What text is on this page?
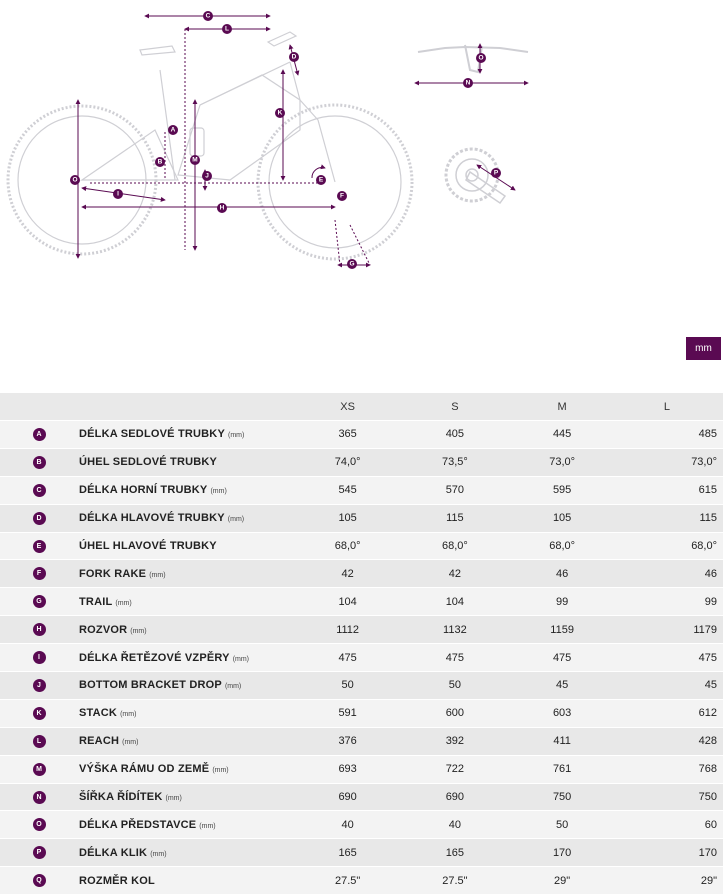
A
B
C
D
E
F
G
H
I
J
K
L
M
N
O
O
P
mm
		XS	S	M	L
A	DÉLKA SEDLOVÉ TRUBKY (mm)	365	405	445	485
B	ÚHEL SEDLOVÉ TRUBKY	74,0°	73,5°	73,0°	73,0°
C	DÉLKA HORNÍ TRUBKY (mm)	545	570	595	615
D	DÉLKA HLAVOVÉ TRUBKY (mm)	105	115	105	115
E	ÚHEL HLAVOVÉ TRUBKY	68,0°	68,0°	68,0°	68,0°
F	FORK RAKE (mm)	42	42	46	46
G	TRAIL (mm)	104	104	99	99
H	ROZVOR (mm)	1112	1132	1159	1179
I	DÉLKA ŘETĚZOVÉ VZPĚRY (mm)	475	475	475	475
J	BOTTOM BRACKET DROP (mm)	50	50	45	45
K	STACK (mm)	591	600	603	612
L	REACH (mm)	376	392	411	428
M	VÝŠKA RÁMU OD ZEMĚ (mm)	693	722	761	768
N	ŠÍŘKA ŘÍDÍTEK (mm)	690	690	750	750
O	DÉLKA PŘEDSTAVCE (mm)	40	40	50	60
P	DÉLKA KLIK (mm)	165	165	170	170
Q	ROZMĚR KOL	27.5"	27.5"	29"	29"
